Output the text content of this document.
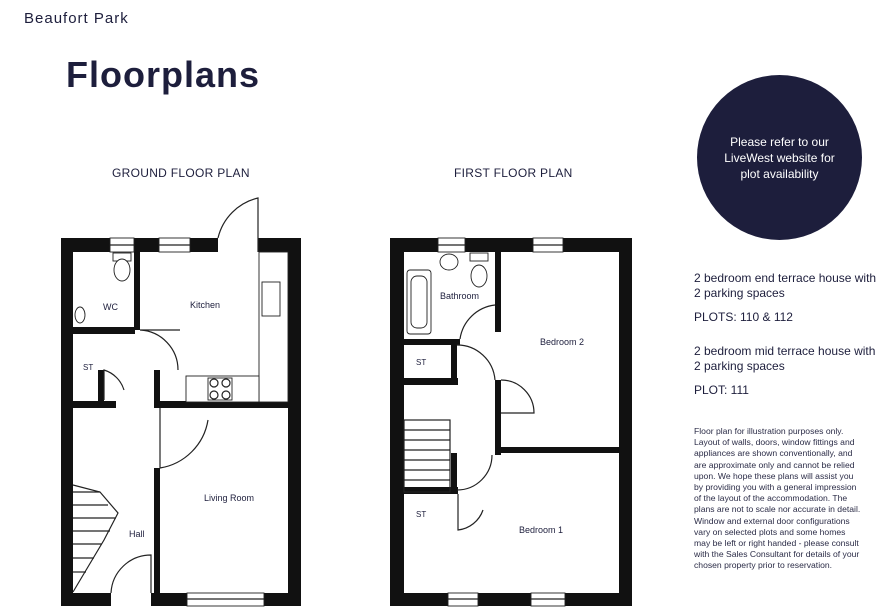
Beaufort Park
Floorplans
GROUND FLOOR PLAN	FIRST FLOOR PLAN
WC	Kitchen
ST
Living Room
Hall
Bathroom
Bedroom 2
ST
ST
Bedroom 1
Please refer to our LiveWest website for plot availability
2 bedroom end terrace house with 2 parking spaces
PLOTS: 110 & 112
2 bedroom mid terrace house with 2 parking spaces
PLOT: 111
Floor plan for illustration purposes only. Layout of walls, doors, window fittings and appliances are shown conventionally, and are approximate only and cannot be relied upon. We hope these plans will assist you by providing you with a general impression of the layout of the accommodation. The plans are not to scale nor accurate in detail. Window and external door configurations vary on selected plots and some homes may be left or right handed - please consult with the Sales Consultant for details of your chosen property prior to reservation.
